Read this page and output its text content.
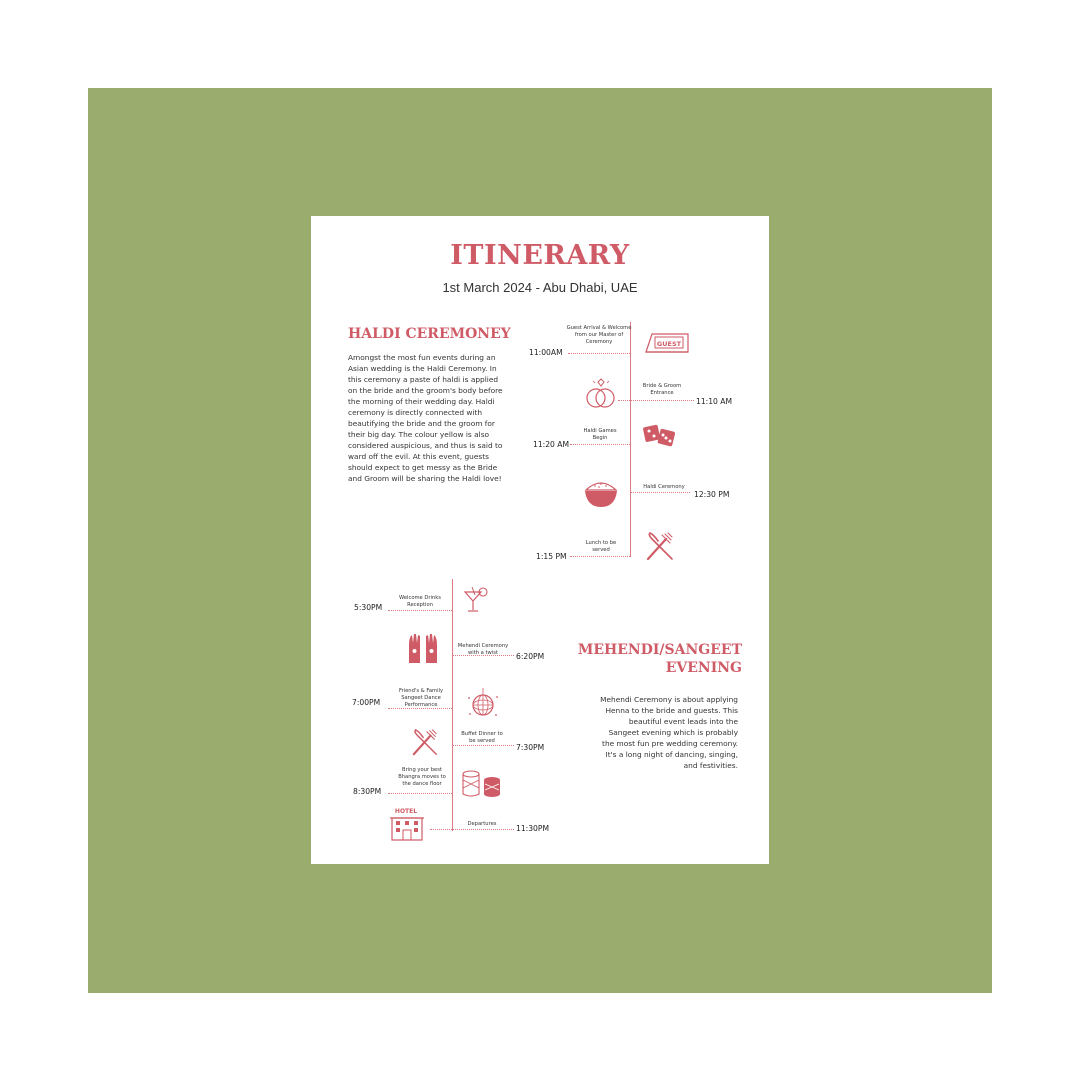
ITINERARY
1st March 2024 - Abu Dhabi, UAE
HALDI CEREMONEY
Amongst the most fun events during an Asian wedding is the Haldi Ceremony. In this ceremony a paste of haldi is applied on the bride and the groom's body before the morning of their wedding day. Haldi ceremony is directly connected with beautifying the bride and the groom for their big day. The colour yellow is also considered auspicious, and thus is said to ward off the evil. At this event, guests should expect to get messy as the Bride and Groom will be sharing the Haldi love!
Guest Arrival & Welcome from our Master of Ceremony
11:00AM
GUEST
Bride & Groom Entrance
11:10 AM
Haldi Games Begin
11:20 AM
Haldi Ceremony
12:30 PM
Lunch to be served
1:15 PM
Welcome Drinks Reception
5:30PM
Mehendi Ceremony with a twist	6:20PM
Friend's & Family Sangeet Dance Performance
7:00PM
Buffet Dinner to be served
7:30PM
Bring your best Bhangra moves to the dance floor
8:30PM
HOTEL
Departures	11:30PM
MEHENDI/SANGEET
EVENING
Mehendi Ceremony is about applying Henna to the bride and guests. This beautiful event leads into the Sangeet evening which is probably the most fun pre wedding ceremony. It's a long night of dancing, singing, and festivities.
